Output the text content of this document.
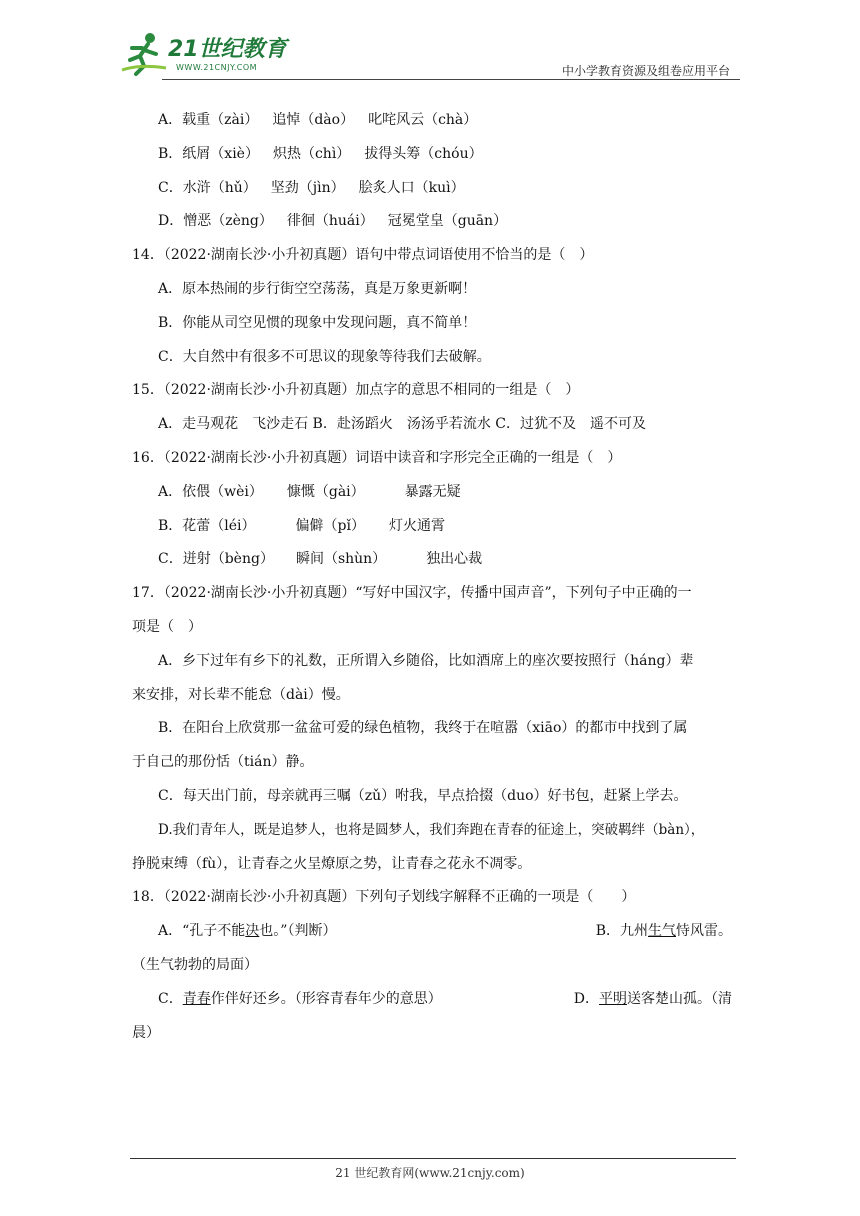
21世纪教育
WWW.21CNJY.COM	中小学教育资源及组卷应用平台
A．载重（zài） 追悼（dào） 叱咤风云（chà）
B．纸屑（xiè） 炽热（chì） 拔得头筹（chóu）
C．水浒（hǔ） 坚劲（jìn） 脍炙人口（kuì）
D．憎恶（zèng） 徘徊（huái） 冠冕堂皇（guān）
14．（2022·湖南长沙·小升初真题）语句中带点词语使用不恰当的是（　）
A．原本热闹的步行街空空荡荡，真是万象更新啊！
B．你能从司空见惯的现象中发现问题，真不简单！
C．大自然中有很多不可思议的现象等待我们去破解。
15．（2022·湖南长沙·小升初真题）加点字的意思不相同的一组是（　）
A．走马观花　飞沙走石 B．赴汤蹈火　汤汤乎若流水 C．过犹不及　遥不可及
16．（2022·湖南长沙·小升初真题）词语中读音和字形完全正确的一组是（　）
A．依偎（wèi） 慷慨（gài）	暴露无疑
B．花蕾（léi）	偏僻（pǐ） 灯火通霄
C．迸射（bèng） 瞬间（shùn）	独出心裁
17．（2022·湖南长沙·小升初真题）“写好中国汉字，传播中国声音”，下列句子中正确的一
项是（　）
A．乡下过年有乡下的礼数，正所谓入乡随俗，比如酒席上的座次要按照行（háng）辈
来安排，对长辈不能怠（dài）慢。
B．在阳台上欣赏那一盆盆可爱的绿色植物，我终于在喧嚣（xiāo）的都市中找到了属
于自己的那份恬（tián）静。
C．每天出门前，母亲就再三嘱（zǔ）咐我，早点拾掇（duo）好书包，赶紧上学去。
D.我们青年人，既是追梦人，也将是圆梦人，我们奔跑在青春的征途上，突破羁绊（bàn），
挣脱束缚（fù），让青春之火呈燎原之势，让青春之花永不凋零。
18．（2022·湖南长沙·小升初真题）下列句子划线字解释不正确的一项是（　　）
A．“孔子不能决也。”（判断）	B．九州生气恃风雷。
（生气勃勃的局面）
C．青春作伴好还乡。（形容青春年少的意思）	D．平明送客楚山孤。（清
晨）
21 世纪教育网(www.21cnjy.com)
